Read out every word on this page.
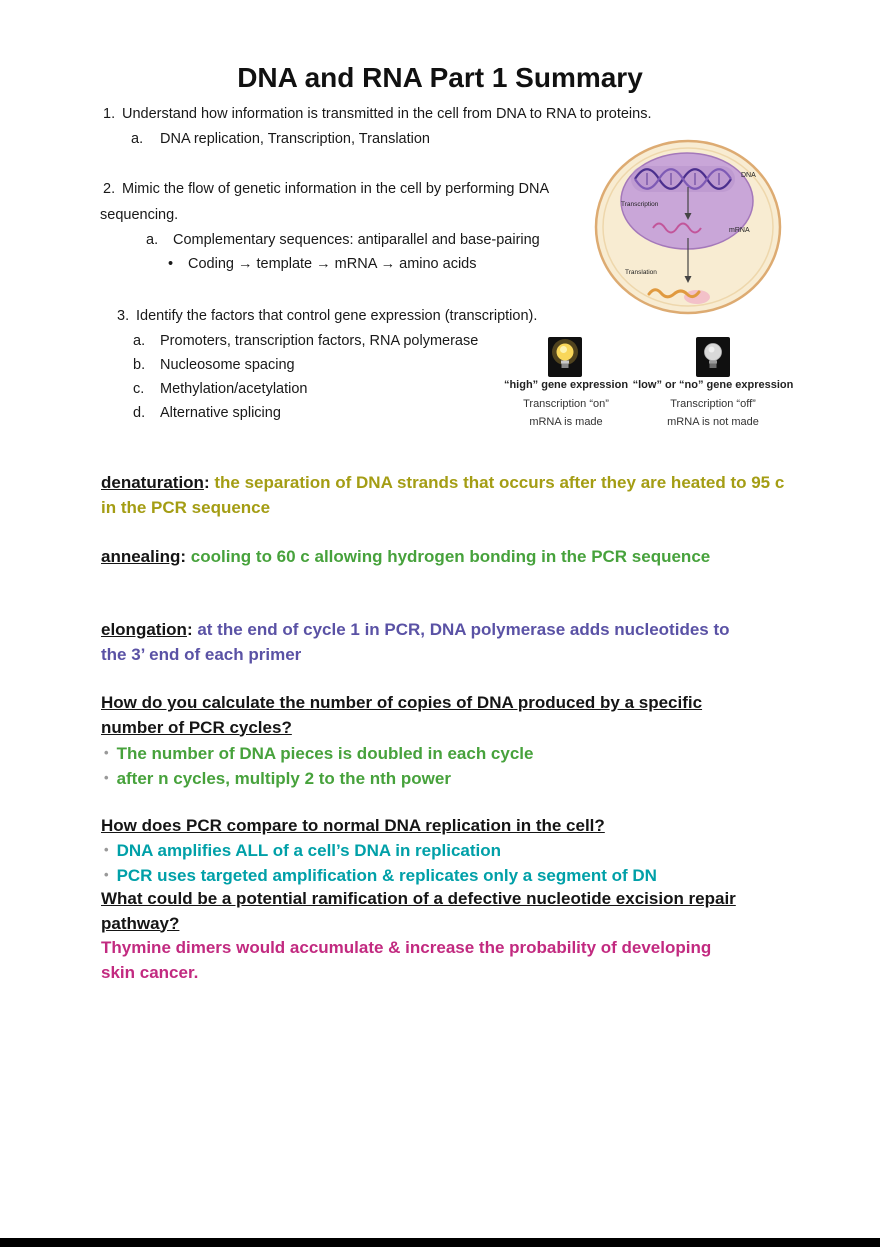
DNA and RNA Part 1 Summary
1. Understand how information is transmitted in the cell from DNA to RNA to proteins.
a. DNA replication, Transcription, Translation
2. Mimic the flow of genetic information in the cell by performing DNA
sequencing.
a. Complementary sequences: antiparallel and base-pairing
• Coding → template → mRNA → amino acids
3. Identify the factors that control gene expression (transcription).
a. Promoters, transcription factors, RNA polymerase
b. Nucleosome spacing
c. Methylation/acetylation
d. Alternative splicing
DNA
Transcription
mRNA
Translation
“high” gene expression
Transcription “on”
mRNA is made
“low” or “no” gene expression
Transcription “off”
mRNA is not made
denaturation: the separation of DNA strands that occurs after they are heated to 95 c in the PCR sequence
annealing: cooling to 60 c allowing hydrogen bonding in the PCR sequence
elongation: at the end of cycle 1 in PCR, DNA polymerase adds nucleotides to the 3’ end of each primer
How do you calculate the number of copies of DNA produced by a specific number of PCR cycles?
• The number of DNA pieces is doubled in each cycle
• after n cycles, multiply 2 to the nth power
How does PCR compare to normal DNA replication in the cell?
• DNA amplifies ALL of a cell’s DNA in replication
• PCR uses targeted amplification & replicates only a segment of DN
What could be a potential ramification of a defective nucleotide excision repair pathway?
Thymine dimers would accumulate & increase the probability of developing skin cancer.
